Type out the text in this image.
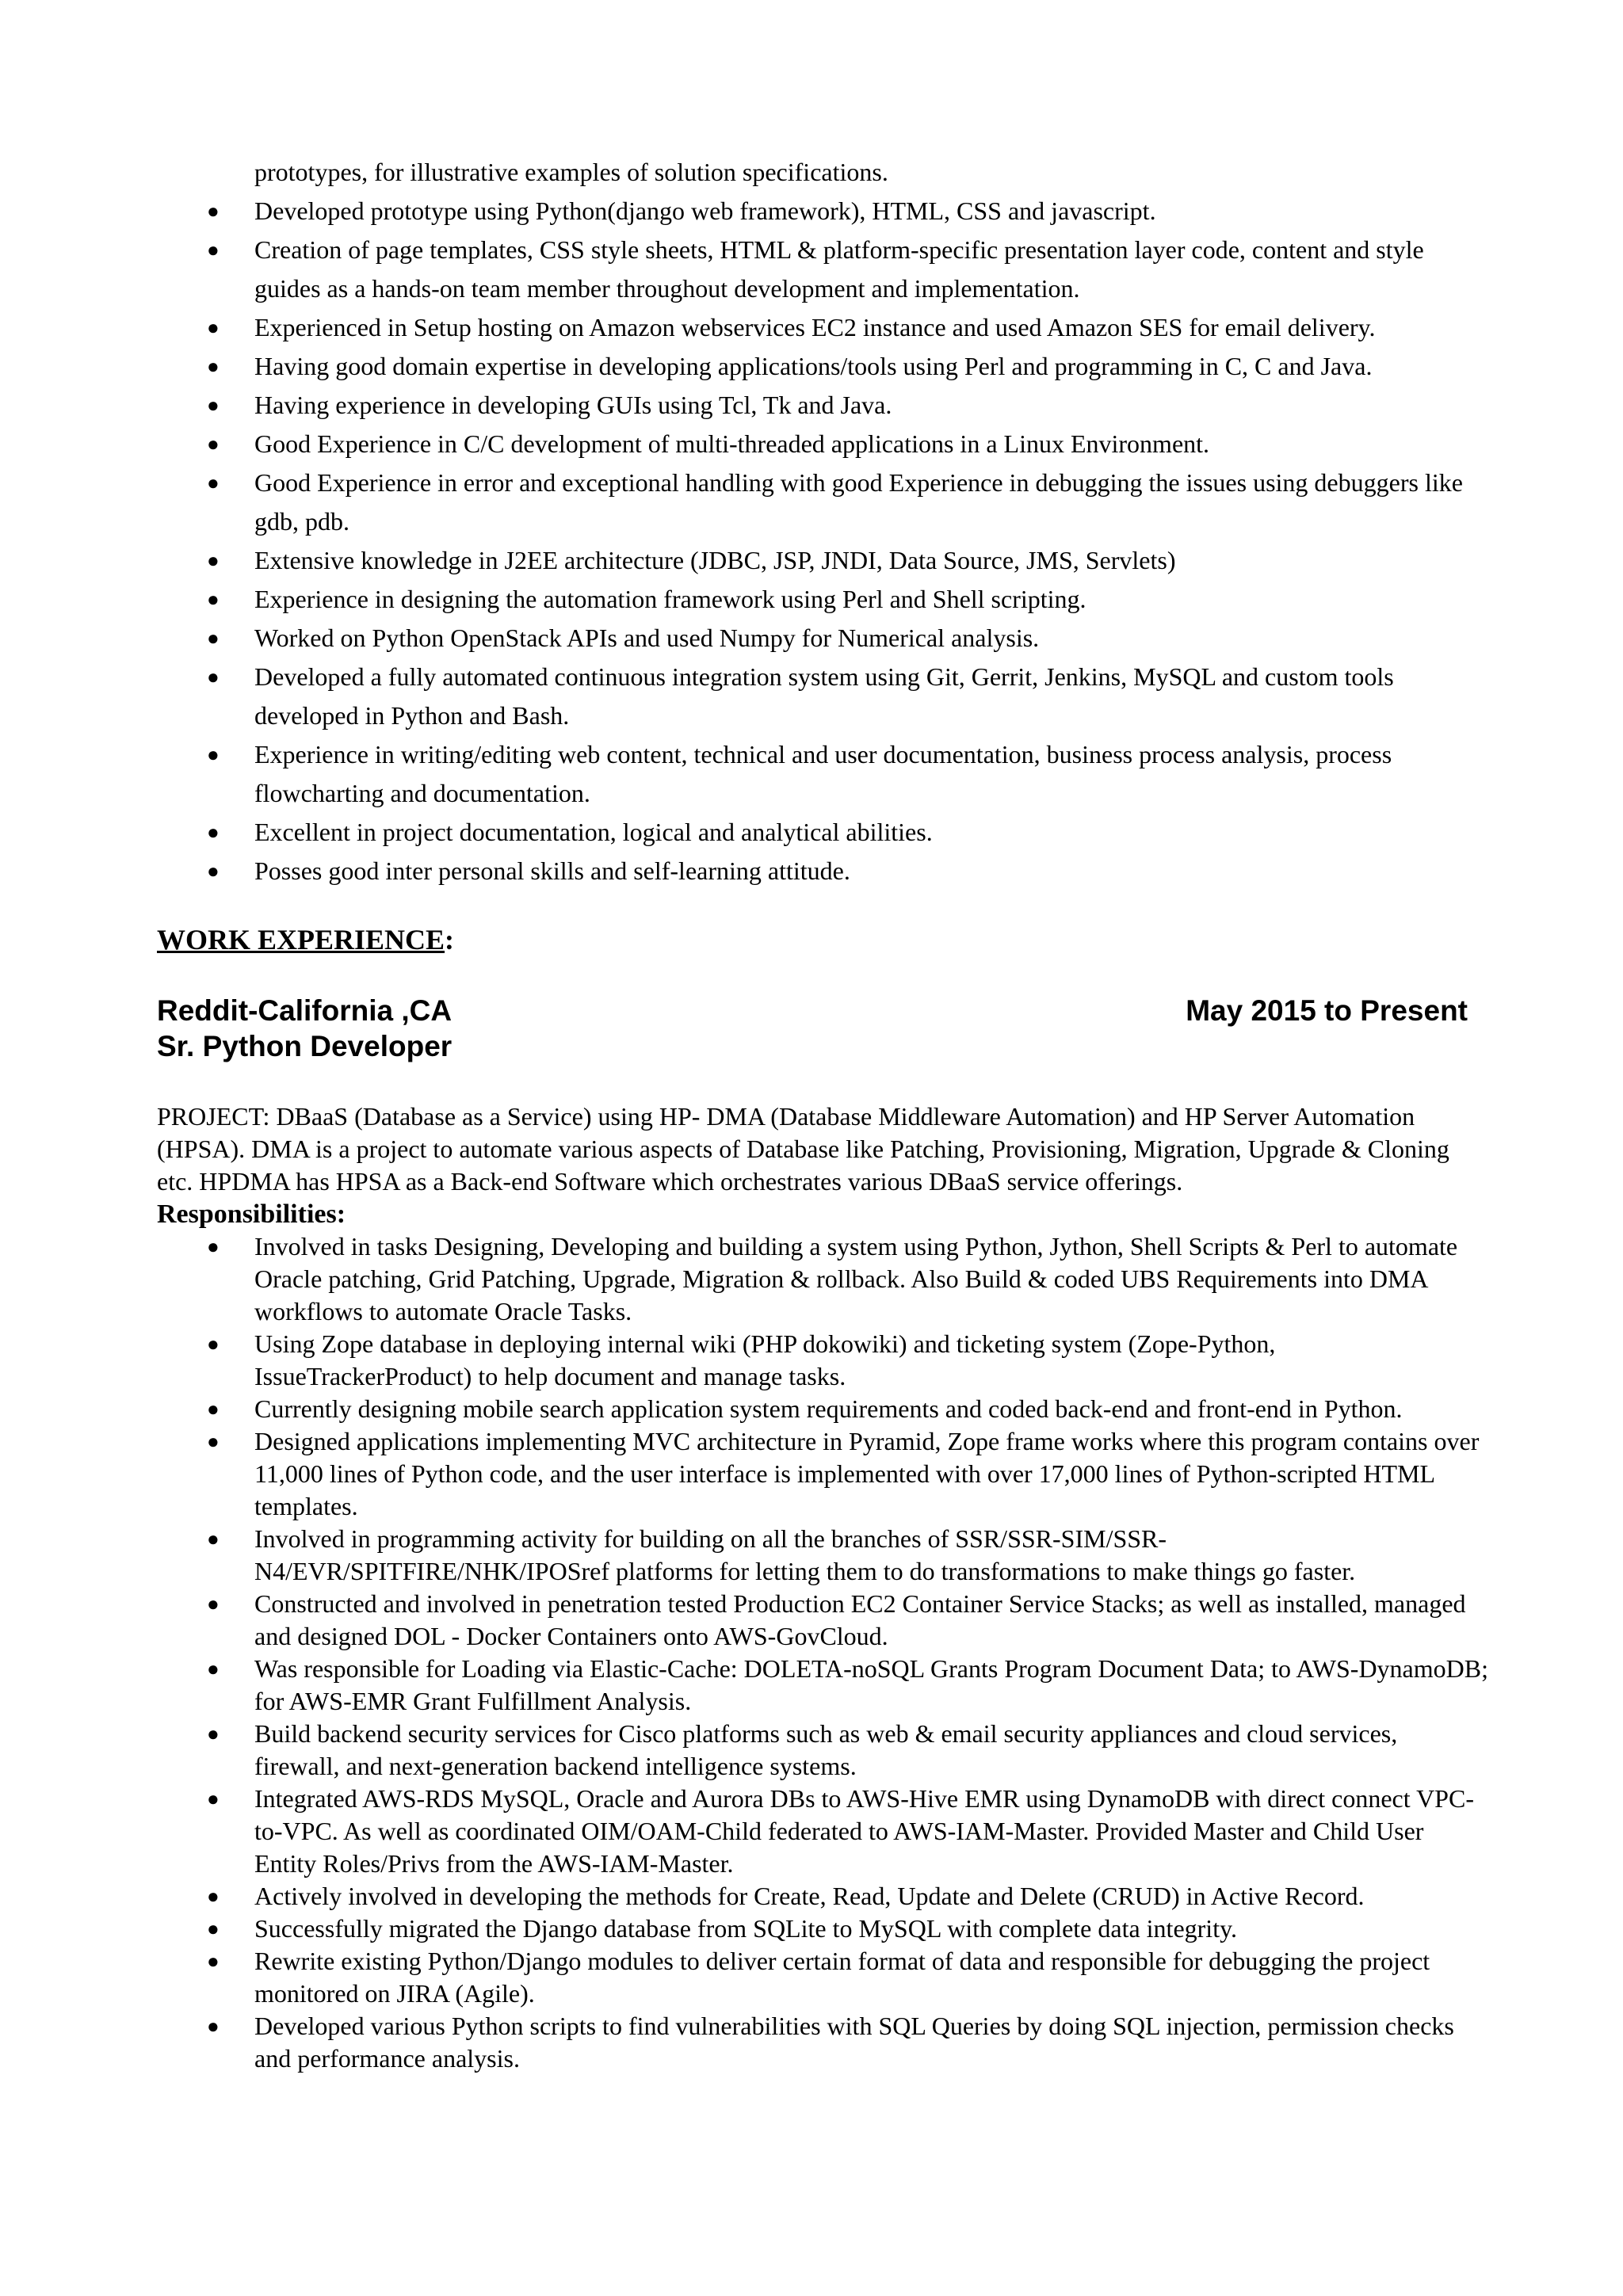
prototypes, for illustrative examples of solution specifications.
● Developed prototype using Python(django web framework), HTML, CSS and javascript.
● Creation of page templates, CSS style sheets, HTML & platform-specific presentation layer code, content and style guides as a hands-on team member throughout development and implementation.
● Experienced in Setup hosting on Amazon webservices EC2 instance and used Amazon SES for email delivery.
● Having good domain expertise in developing applications/tools using Perl and programming in C, C and Java.
● Having experience in developing GUIs using Tcl, Tk and Java.
● Good Experience in C/C development of multi-threaded applications in a Linux Environment.
● Good Experience in error and exceptional handling with good Experience in debugging the issues using debuggers like gdb, pdb.
● Extensive knowledge in J2EE architecture (JDBC, JSP, JNDI, Data Source, JMS, Servlets)
● Experience in designing the automation framework using Perl and Shell scripting.
● Worked on Python OpenStack APIs and used Numpy for Numerical analysis.
● Developed a fully automated continuous integration system using Git, Gerrit, Jenkins, MySQL and custom tools developed in Python and Bash.
● Experience in writing/editing web content, technical and user documentation, business process analysis, process flowcharting and documentation.
● Excellent in project documentation, logical and analytical abilities.
● Posses good inter personal skills and self-learning attitude.
WORK EXPERIENCE:
Reddit-California ,CA	May 2015 to Present
Sr. Python Developer
PROJECT: DBaaS (Database as a Service) using HP- DMA (Database Middleware Automation) and HP Server Automation (HPSA). DMA is a project to automate various aspects of Database like Patching, Provisioning, Migration, Upgrade & Cloning etc. HPDMA has HPSA as a Back-end Software which orchestrates various DBaaS service offerings.
Responsibilities:
● Involved in tasks Designing, Developing and building a system using Python, Jython, Shell Scripts & Perl to automate Oracle patching, Grid Patching, Upgrade, Migration & rollback. Also Build & coded UBS Requirements into DMA workflows to automate Oracle Tasks.
● Using Zope database in deploying internal wiki (PHP dokowiki) and ticketing system (Zope-Python, IssueTrackerProduct) to help document and manage tasks.
● Currently designing mobile search application system requirements and coded back-end and front-end in Python.
● Designed applications implementing MVC architecture in Pyramid, Zope frame works where this program contains over 11,000 lines of Python code, and the user interface is implemented with over 17,000 lines of Python-scripted HTML templates.
● Involved in programming activity for building on all the branches of SSR/SSR-SIM/SSR-N4/EVR/SPITFIRE/NHK/IPOSref platforms for letting them to do transformations to make things go faster.
● Constructed and involved in penetration tested Production EC2 Container Service Stacks; as well as installed, managed and designed DOL - Docker Containers onto AWS-GovCloud.
● Was responsible for Loading via Elastic-Cache: DOLETA-noSQL Grants Program Document Data; to AWS-DynamoDB; for AWS-EMR Grant Fulfillment Analysis.
● Build backend security services for Cisco platforms such as web & email security appliances and cloud services, firewall, and next-generation backend intelligence systems.
● Integrated AWS-RDS MySQL, Oracle and Aurora DBs to AWS-Hive EMR using DynamoDB with direct connect VPC-to-VPC. As well as coordinated OIM/OAM-Child federated to AWS-IAM-Master. Provided Master and Child User Entity Roles/Privs from the AWS-IAM-Master.
● Actively involved in developing the methods for Create, Read, Update and Delete (CRUD) in Active Record.
● Successfully migrated the Django database from SQLite to MySQL with complete data integrity.
● Rewrite existing Python/Django modules to deliver certain format of data and responsible for debugging the project monitored on JIRA (Agile).
● Developed various Python scripts to find vulnerabilities with SQL Queries by doing SQL injection, permission checks and performance analysis.
